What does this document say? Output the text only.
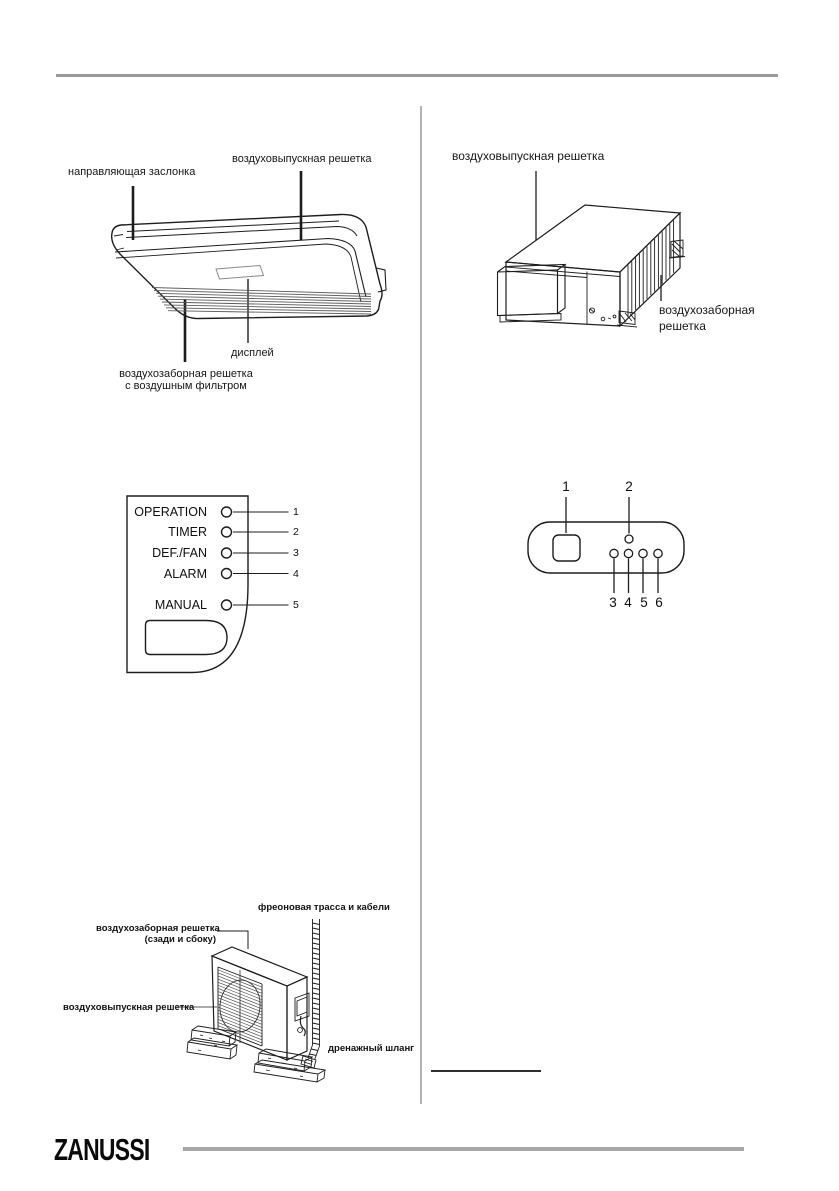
направляющая заслонка
воздуховыпускная решетка
дисплей
воздухозаборная решетка
с воздушным фильтром
OPERATION
TIMER
DEF./FAN
ALARM
MANUAL
1
2
3
4
5
воздуховыпускная решетка
воздухозаборная
решетка
1	2
3 4 5 6
фреоновая трасса и кабели
воздухозаборная решетка
(сзади и сбоку)
воздуховыпускная решетка
дренажный шланг
ZANUSSI
